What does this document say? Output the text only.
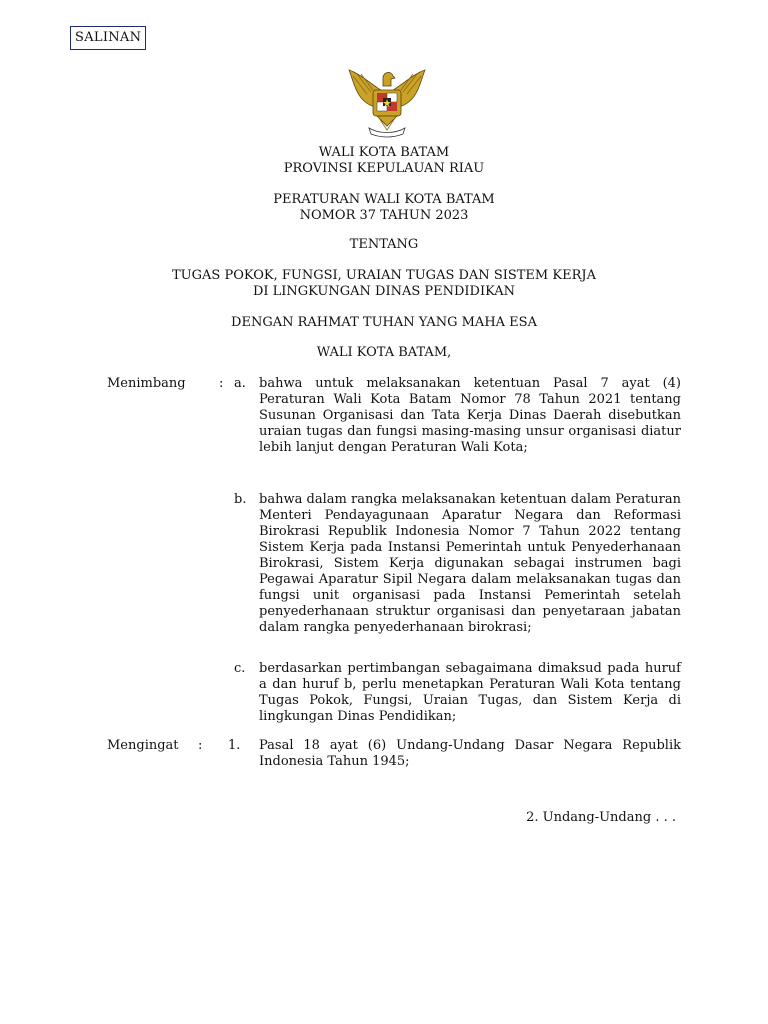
SALINAN
WALI KOTA BATAM
PROVINSI KEPULAUAN RIAU
PERATURAN WALI KOTA BATAM
NOMOR 37 TAHUN 2023
TENTANG
TUGAS POKOK, FUNGSI, URAIAN TUGAS DAN SISTEM KERJA
DI LINGKUNGAN DINAS PENDIDIKAN
DENGAN RAHMAT TUHAN YANG MAHA ESA
WALI KOTA BATAM,
Menimbang	: a. bahwa untuk melaksanakan ketentuan Pasal 7 ayat (4) Peraturan Wali Kota Batam Nomor 78 Tahun 2021 tentang Susunan Organisasi dan Tata Kerja Dinas Daerah disebutkan uraian tugas dan fungsi masing-masing unsur organisasi diatur lebih lanjut dengan Peraturan Wali Kota;
b. bahwa dalam rangka melaksanakan ketentuan dalam Peraturan Menteri Pendayagunaan Aparatur Negara dan Reformasi Birokrasi Republik Indonesia Nomor 7 Tahun 2022 tentang Sistem Kerja pada Instansi Pemerintah untuk Penyederhanaan Birokrasi, Sistem Kerja digunakan sebagai instrumen bagi Pegawai Aparatur Sipil Negara dalam melaksanakan tugas dan fungsi unit organisasi pada Instansi Pemerintah setelah penyederhanaan struktur organisasi dan penyetaraan jabatan dalam rangka penyederhanaan birokrasi;
c. berdasarkan pertimbangan sebagaimana dimaksud pada huruf a dan huruf b, perlu menetapkan Peraturan Wali Kota tentang Tugas Pokok, Fungsi, Uraian Tugas, dan Sistem Kerja di lingkungan Dinas Pendidikan;
Mengingat : 1. Pasal 18 ayat (6) Undang-Undang Dasar Negara Republik Indonesia Tahun 1945;
2. Undang-Undang . . .
